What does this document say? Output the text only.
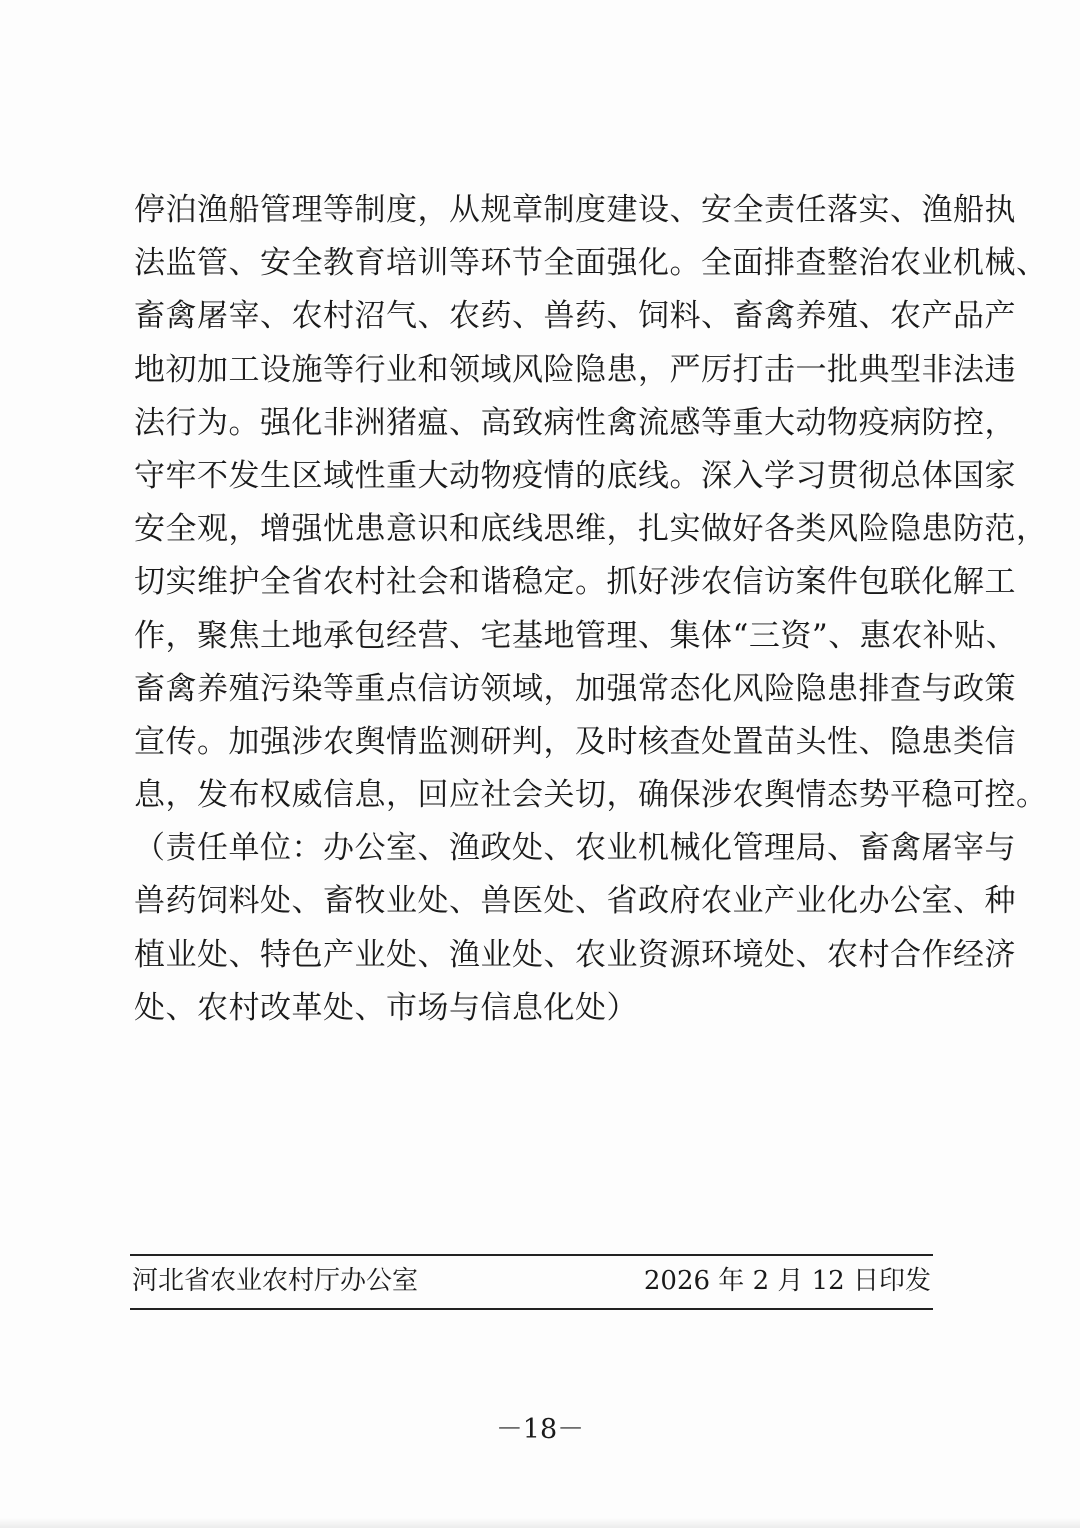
停泊渔船管理等制度，从规章制度建设、安全责任落实、渔船执
法监管、安全教育培训等环节全面强化。全面排查整治农业机械、
畜禽屠宰、农村沼气、农药、兽药、饲料、畜禽养殖、农产品产
地初加工设施等行业和领域风险隐患，严厉打击一批典型非法违
法行为。强化非洲猪瘟、高致病性禽流感等重大动物疫病防控，
守牢不发生区域性重大动物疫情的底线。深入学习贯彻总体国家
安全观，增强忧患意识和底线思维，扎实做好各类风险隐患防范，
切实维护全省农村社会和谐稳定。抓好涉农信访案件包联化解工
作，聚焦土地承包经营、宅基地管理、集体“三资”、惠农补贴、
畜禽养殖污染等重点信访领域，加强常态化风险隐患排查与政策
宣传。加强涉农舆情监测研判，及时核查处置苗头性、隐患类信
息，发布权威信息，回应社会关切，确保涉农舆情态势平稳可控。
（责任单位：办公室、渔政处、农业机械化管理局、畜禽屠宰与
兽药饲料处、畜牧业处、兽医处、省政府农业产业化办公室、种
植业处、特色产业处、渔业处、农业资源环境处、农村合作经济
处、农村改革处、市场与信息化处）
河北省农业农村厅办公室	2026 年 2 月 12 日印发
－18－
